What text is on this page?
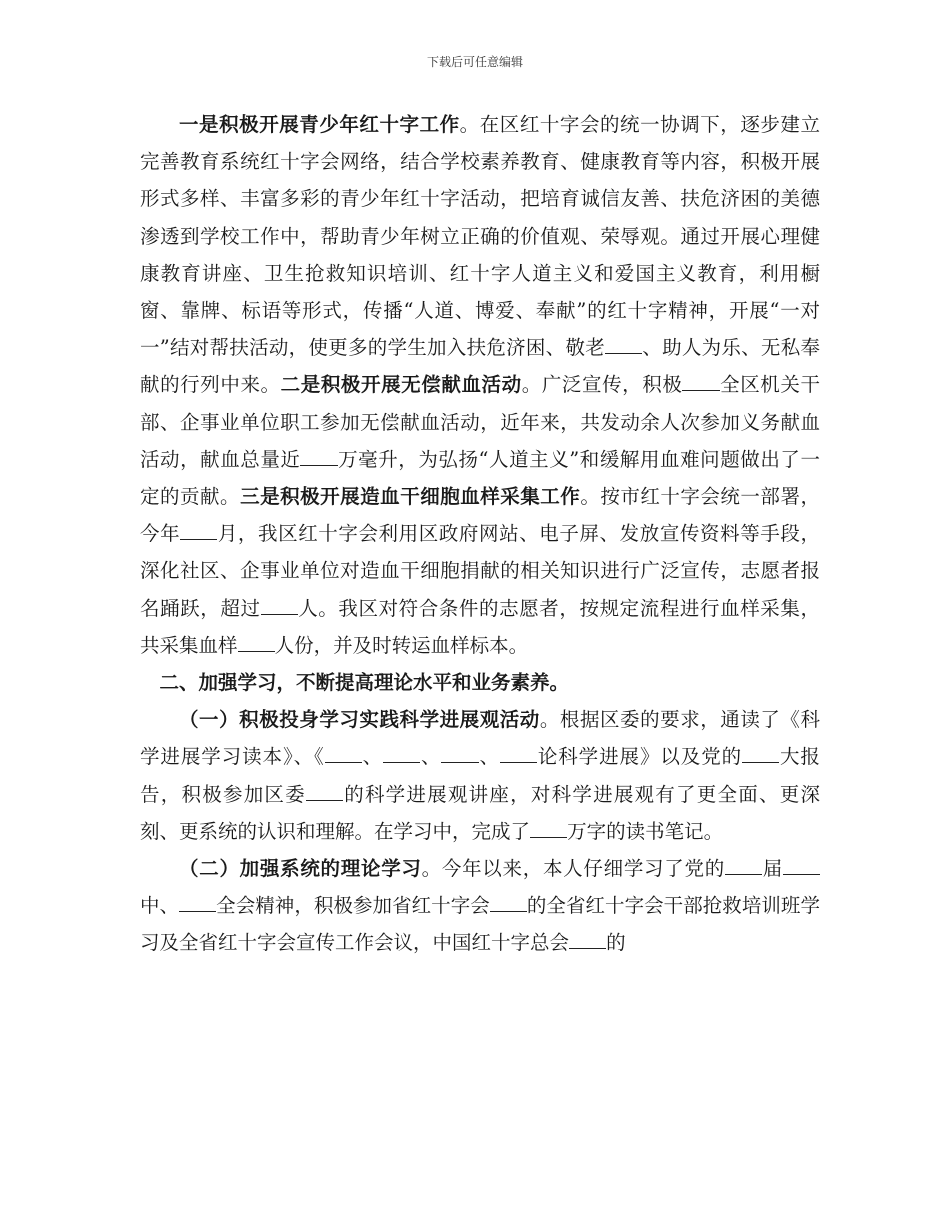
下载后可任意编辑

一是积极开展青少年红十字工作。在区红十字会的统一协调下，逐步建立完善教育系统红十字会网络，结合学校素养教育、健康教育等内容，积极开展形式多样、丰富多彩的青少年红十字活动，把培育诚信友善、扶危济困的美德渗透到学校工作中，帮助青少年树立正确的价值观、荣辱观。通过开展心理健康教育讲座、卫生抢救知识培训、红十字人道主义和爱国主义教育，利用橱窗、靠牌、标语等形式，传播“人道、博爱、奉献”的红十字精神，开展“一对一”结对帮扶活动，使更多的学生加入扶危济困、敬老 、助人为乐、无私奉献的行列中来。二是积极开展无偿献血活动。广泛宣传，积极 全区机关干部、企事业单位职工参加无偿献血活动，近年来，共发动余人次参加义务献血活动，献血总量近 万毫升，为弘扬“人道主义”和缓解用血难问题做出了一定的贡献。三是积极开展造血干细胞血样采集工作。按市红十字会统一部署，今年 月，我区红十字会利用区政府网站、电子屏、发放宣传资料等手段，深化社区、企事业单位对造血干细胞捐献的相关知识进行广泛宣传，志愿者报名踊跃，超过 人。我区对符合条件的志愿者，按规定流程进行血样采集，共采集血样 人份，并及时转运血样标本。

二、加强学习，不断提高理论水平和业务素养。

（一）积极投身学习实践科学进展观活动。根据区委的要求，通读了《科学进展学习读本》、《 、 、 、 论科学进展》以及党的 大报告，积极参加区委 的科学进展观讲座，对科学进展观有了更全面、更深刻、更系统的认识和理解。在学习中，完成了 万字的读书笔记。

（二）加强系统的理论学习。今年以来，本人仔细学习了党的 届中、 全会精神，积极参加省红十字会 的全省红十字会干部抢救培训班学习及全省红十字会宣传工作会议，中国红十字总会 的
